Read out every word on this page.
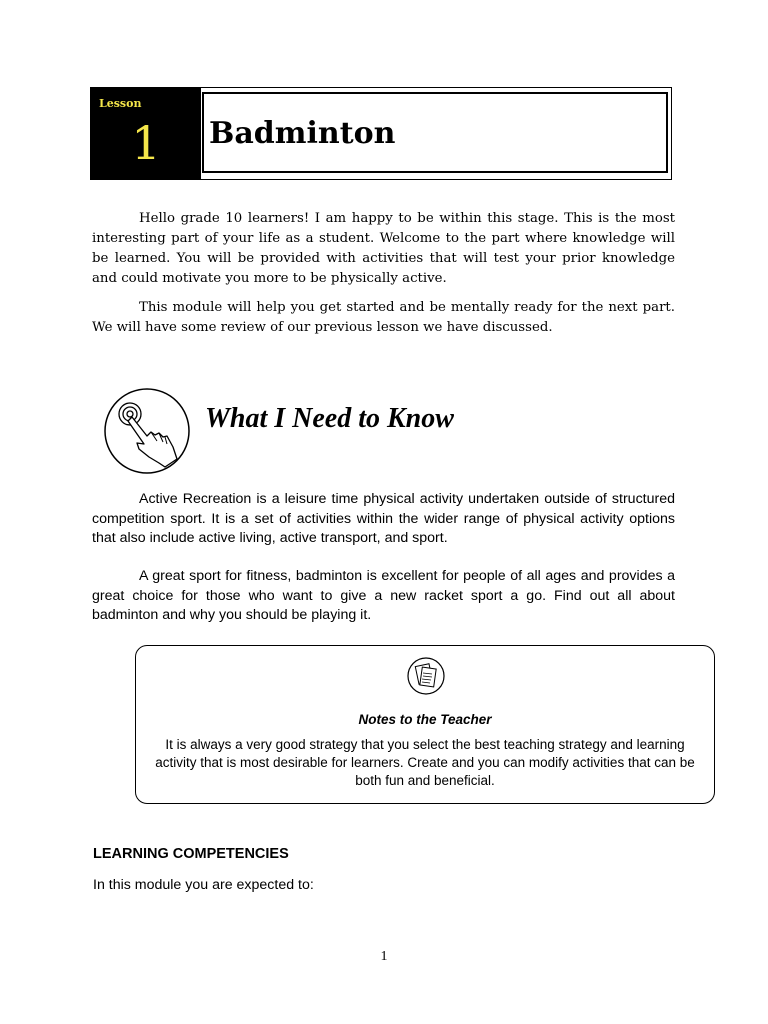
Lesson
1	Badminton

Hello grade 10 learners! I am happy to be within this stage. This is the most interesting part of your life as a student. Welcome to the part where knowledge will be learned. You will be provided with activities that will test your prior knowledge and could motivate you more to be physically active.

This module will help you get started and be mentally ready for the next part. We will have some review of our previous lesson we have discussed.

What I Need to Know

Active Recreation is a leisure time physical activity undertaken outside of structured competition sport. It is a set of activities within the wider range of physical activity options that also include active living, active transport, and sport.

A great sport for fitness, badminton is excellent for people of all ages and provides a great choice for those who want to give a new racket sport a go. Find out all about badminton and why you should be playing it.

Notes to the Teacher
It is always a very good strategy that you select the best teaching strategy and learning activity that is most desirable for learners. Create and you can modify activities that can be both fun and beneficial.
LEARNING COMPETENCIES
In this module you are expected to:
1
